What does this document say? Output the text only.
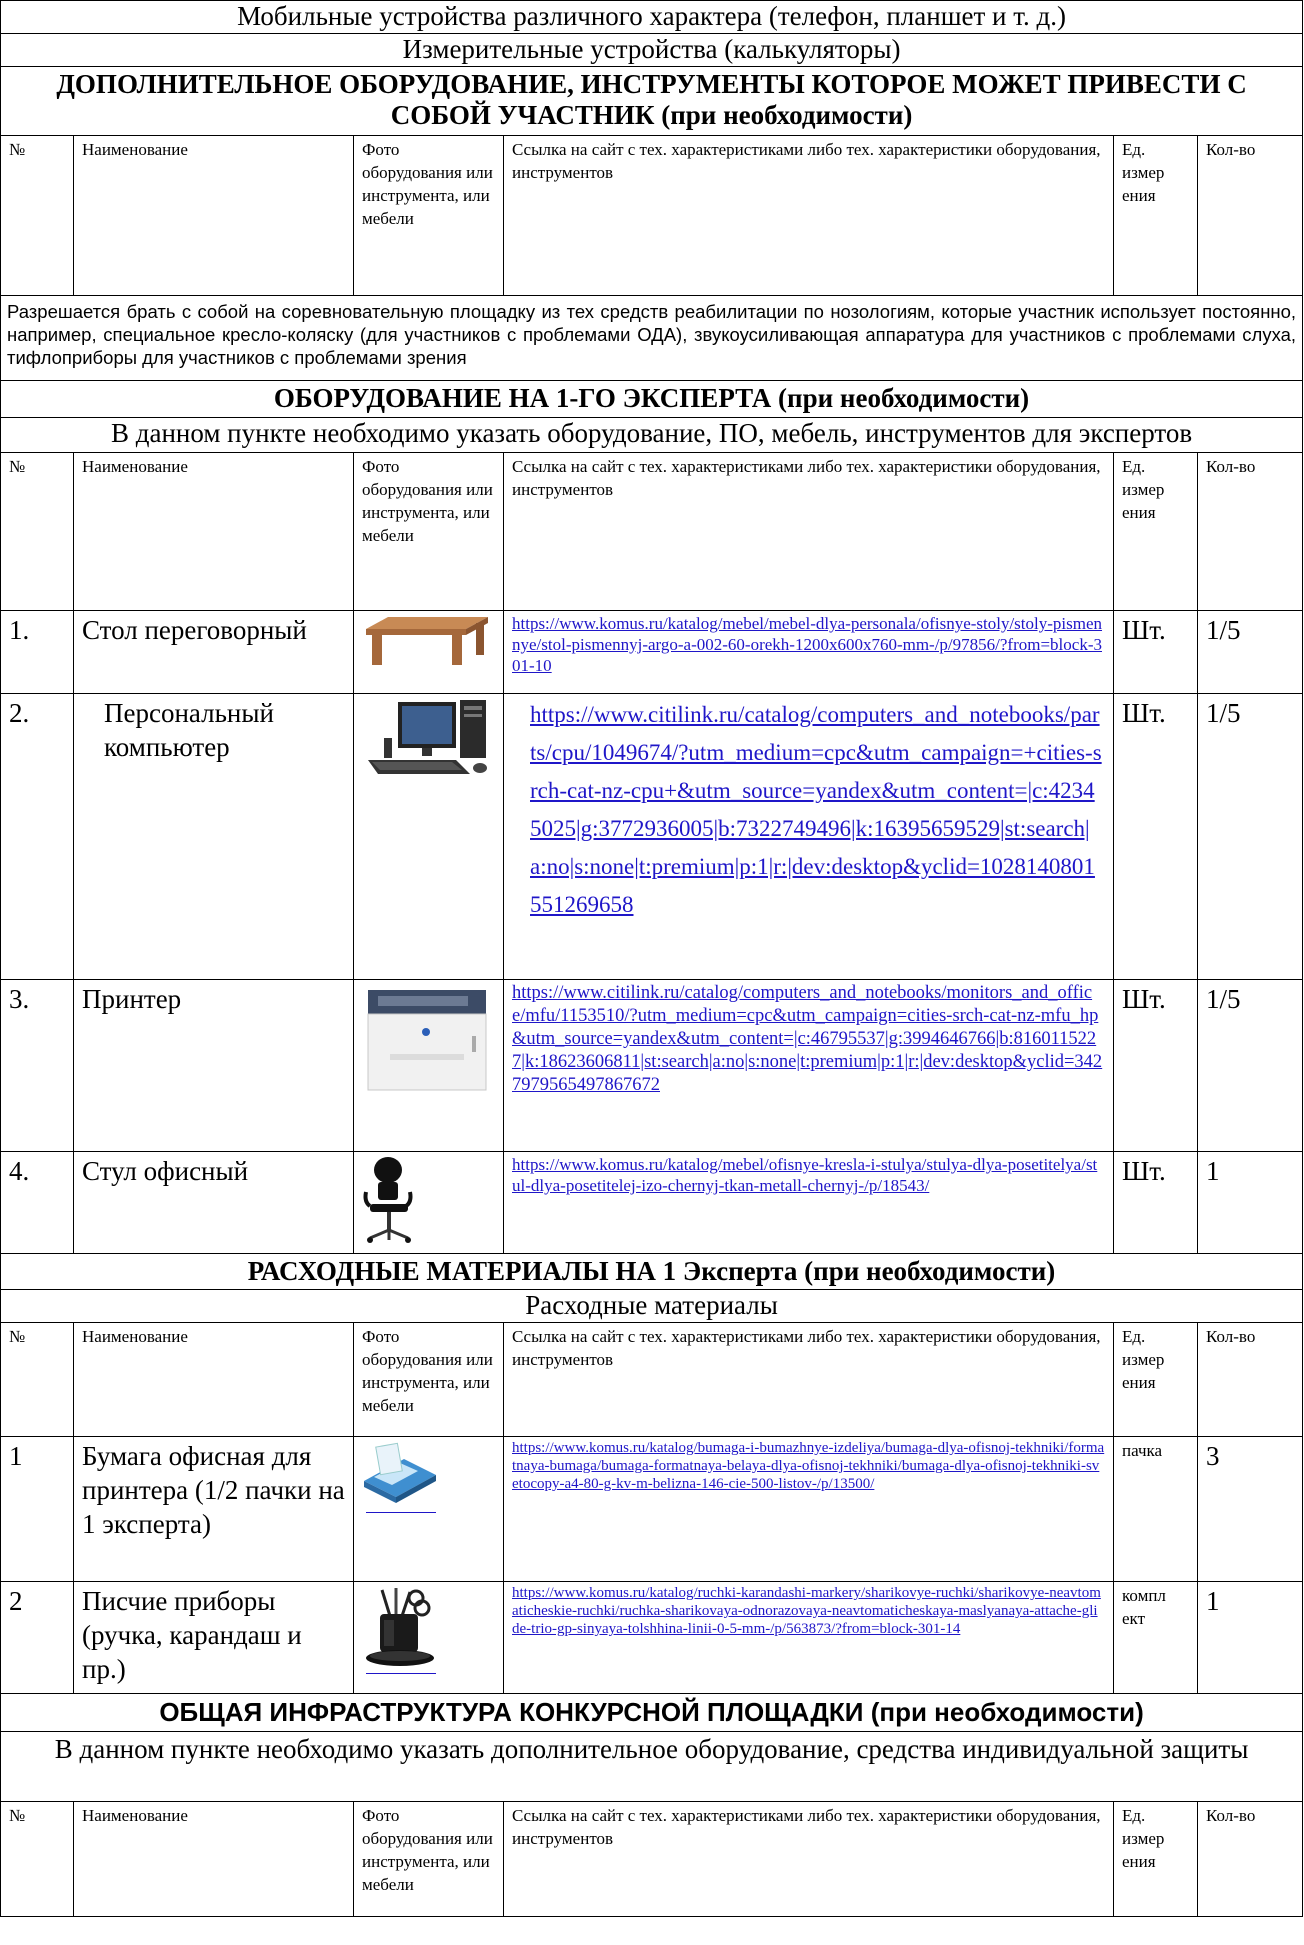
Мобильные устройства различного характера (телефон, планшет и т. д.)					
Измерительные устройства (калькуляторы)					
ДОПОЛНИТЕЛЬНОЕ ОБОРУДОВАНИЕ, ИНСТРУМЕНТЫ КОТОРОЕ МОЖЕТ ПРИВЕСТИ С СОБОЙ УЧАСТНИК (при необходимости)					
№	Наименование	Фото оборудования или инструмента, или мебели	Ссылка на сайт с тех. характеристиками либо тех. характеристики оборудования, инструментов	Ед. измер ения	Кол-во
Разрешается брать с собой на соревновательную площадку из тех средств реабилитации по нозологиям, которые участник использует постоянно, например, специальное кресло-коляску (для участников с проблемами ОДА), звукоусиливающая аппаратура для участников с проблемами слуха, тифлоприборы для участников с проблемами зрения					
ОБОРУДОВАНИЕ НА 1-ГО ЭКСПЕРТА (при необходимости)					
В данном пункте необходимо указать оборудование, ПО, мебель, инструментов для экспертов					
№	Наименование	Фото оборудования или инструмента, или мебели	Ссылка на сайт с тех. характеристиками либо тех. характеристики оборудования, инструментов	Ед. измер ения	Кол-во
1.	Стол переговорный		https://www.komus.ru/katalog/mebel/mebel-dlya-personala/ofisnye-stoly/stoly-pismennye/stol-pismennyj-argo-a-002-60-orekh-1200x600x760-mm-/p/97856/?from=block-301-10	Шт.	1/5
2.	Персональный компьютер		https://www.citilink.ru/catalog/computers_and_notebooks/parts/cpu/1049674/?utm_medium=cpc&utm_campaign=+cities-srch-cat-nz-cpu+&utm_source=yandex&utm_content=|c:42345025|g:3772936005|b:7322749496|k:16395659529|st:search|a:no|s:none|t:premium|p:1|r:|dev:desktop&yclid=1028140801551269658	Шт.	1/5
3.	Принтер		https://www.citilink.ru/catalog/computers_and_notebooks/monitors_and_office/mfu/1153510/?utm_medium=cpc&utm_campaign=cities-srch-cat-nz-mfu_hp&utm_source=yandex&utm_content=|c:46795537|g:3994646766|b:8160115227|k:18623606811|st:search|a:no|s:none|t:premium|p:1|r:|dev:desktop&yclid=3427979565497867672	Шт.	1/5
4.	Стул офисный		https://www.komus.ru/katalog/mebel/ofisnye-kresla-i-stulya/stulya-dlya-posetitelya/stul-dlya-posetitelej-izo-chernyj-tkan-metall-chernyj-/p/18543/	Шт.	1
РАСХОДНЫЕ МАТЕРИАЛЫ НА 1 Эксперта (при необходимости)					
Расходные материалы					
№	Наименование	Фото оборудования или инструмента, или мебели	Ссылка на сайт с тех. характеристиками либо тех. характеристики оборудования, инструментов	Ед. измер ения	Кол-во
1	Бумага офисная для принтера (1/2 пачки на 1 эксперта)		https://www.komus.ru/katalog/bumaga-i-bumazhnye-izdeliya/bumaga-dlya-ofisnoj-tekhniki/formatnaya-bumaga/bumaga-formatnaya-belaya-dlya-ofisnoj-tekhniki/bumaga-dlya-ofisnoj-tekhniki-svetocopy-a4-80-g-kv-m-belizna-146-cie-500-listov-/p/13500/	пачка	3
2	Писчие приборы (ручка, карандаш и пр.)		https://www.komus.ru/katalog/ruchki-karandashi-markery/sharikovye-ruchki/sharikovye-neavtomaticheskie-ruchki/ruchka-sharikovaya-odnorazovaya-neavtomaticheskaya-maslyanaya-attache-glide-trio-gp-sinyaya-tolshhina-linii-0-5-mm-/p/563873/?from=block-301-14	компл ект	1
ОБЩАЯ ИНФРАСТРУКТУРА КОНКУРСНОЙ ПЛОЩАДКИ (при необходимости)					
В данном пункте необходимо указать дополнительное оборудование, средства индивидуальной защиты					
№	Наименование	Фото оборудования или инструмента, или мебели	Ссылка на сайт с тех. характеристиками либо тех. характеристики оборудования, инструментов	Ед. измер ения	Кол-во
